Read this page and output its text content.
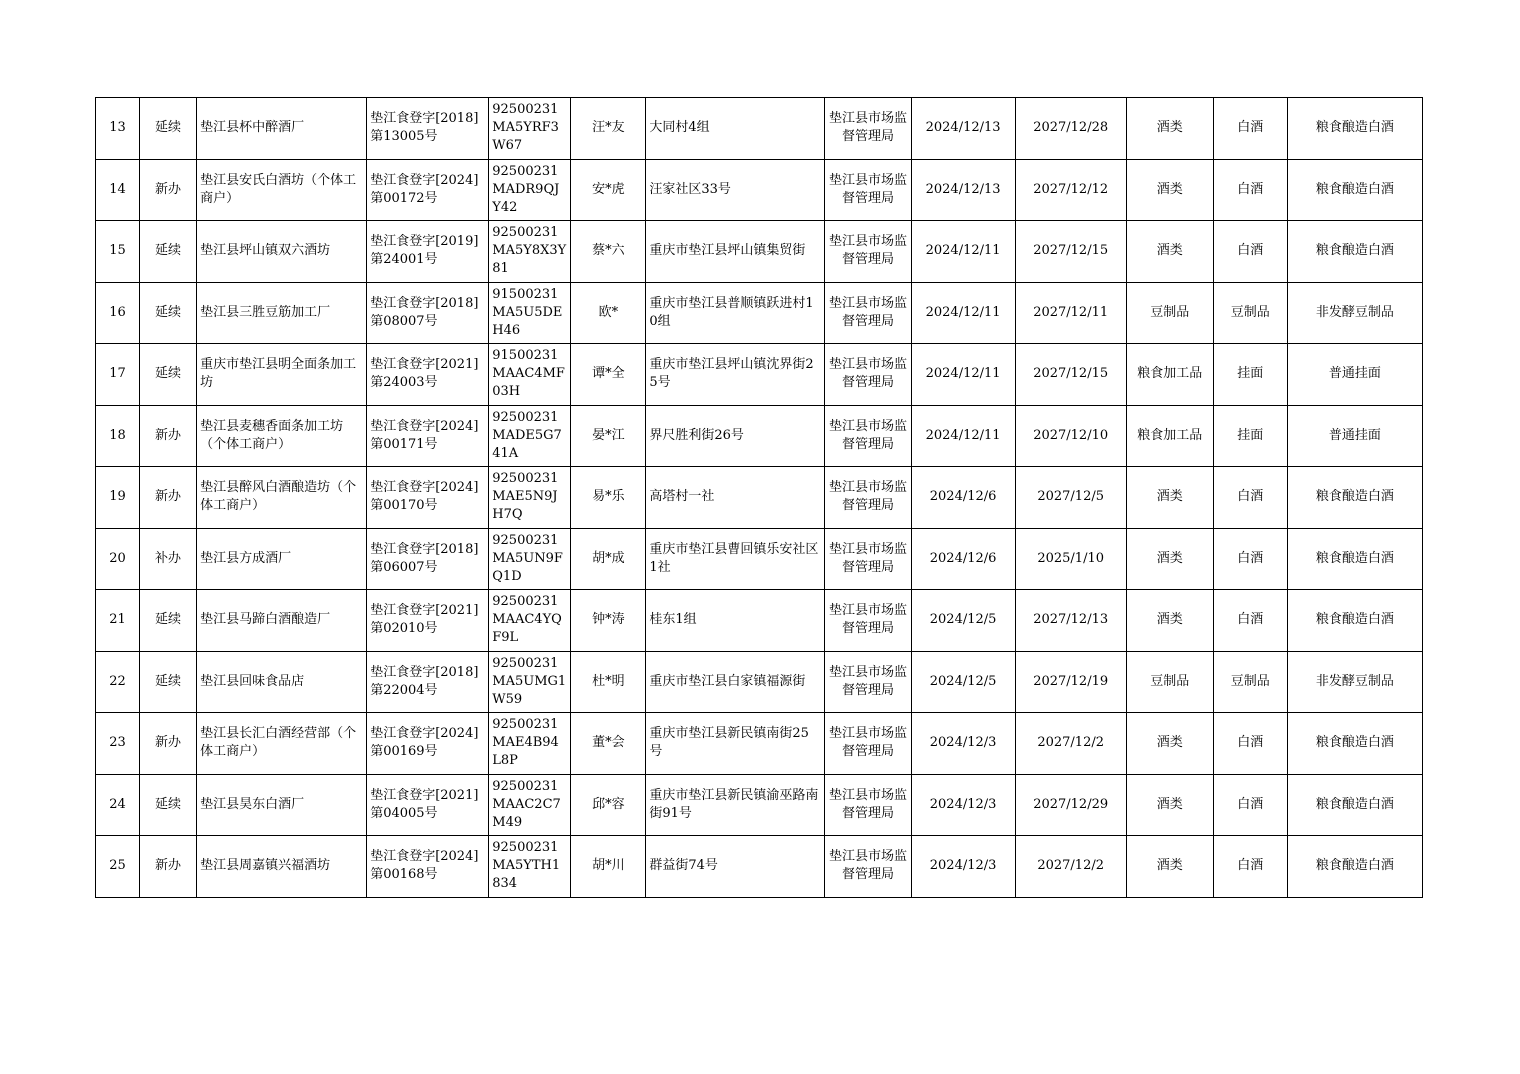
13	延续	垫江县杯中醉酒厂	垫江食登字[2018]第13005号	92500231MA5YRF3W67	汪*友	大同村4组	垫江县市场监督管理局	2024/12/13	2027/12/28	酒类	白酒	粮食酿造白酒
14	新办	垫江县安氏白酒坊（个体工商户）	垫江食登字[2024]第00172号	92500231MADR9QJY42	安*虎	汪家社区33号	垫江县市场监督管理局	2024/12/13	2027/12/12	酒类	白酒	粮食酿造白酒
15	延续	垫江县坪山镇双六酒坊	垫江食登字[2019]第24001号	92500231MA5Y8X3Y81	蔡*六	重庆市垫江县坪山镇集贸街	垫江县市场监督管理局	2024/12/11	2027/12/15	酒类	白酒	粮食酿造白酒
16	延续	垫江县三胜豆筋加工厂	垫江食登字[2018]第08007号	91500231MA5U5DEH46	欧*	重庆市垫江县普顺镇跃进村10组	垫江县市场监督管理局	2024/12/11	2027/12/11	豆制品	豆制品	非发酵豆制品
17	延续	重庆市垫江县明全面条加工坊	垫江食登字[2021]第24003号	91500231MAAC4MF03H	谭*全	重庆市垫江县坪山镇沈界街25号	垫江县市场监督管理局	2024/12/11	2027/12/15	粮食加工品	挂面	普通挂面
18	新办	垫江县麦穗香面条加工坊（个体工商户）	垫江食登字[2024]第00171号	92500231MADE5G741A	晏*江	界尺胜利街26号	垫江县市场监督管理局	2024/12/11	2027/12/10	粮食加工品	挂面	普通挂面
19	新办	垫江县醉风白酒酿造坊（个体工商户）	垫江食登字[2024]第00170号	92500231MAE5N9JH7Q	易*乐	高塔村一社	垫江县市场监督管理局	2024/12/6	2027/12/5	酒类	白酒	粮食酿造白酒
20	补办	垫江县方成酒厂	垫江食登字[2018]第06007号	92500231MA5UN9FQ1D	胡*成	重庆市垫江县曹回镇乐安社区1社	垫江县市场监督管理局	2024/12/6	2025/1/10	酒类	白酒	粮食酿造白酒
21	延续	垫江县马蹄白酒酿造厂	垫江食登字[2021]第02010号	92500231MAAC4YQF9L	钟*涛	桂东1组	垫江县市场监督管理局	2024/12/5	2027/12/13	酒类	白酒	粮食酿造白酒
22	延续	垫江县回味食品店	垫江食登字[2018]第22004号	92500231MA5UMG1W59	杜*明	重庆市垫江县白家镇福源街	垫江县市场监督管理局	2024/12/5	2027/12/19	豆制品	豆制品	非发酵豆制品
23	新办	垫江县长汇白酒经营部（个体工商户）	垫江食登字[2024]第00169号	92500231MAE4B94L8P	董*会	重庆市垫江县新民镇南街25号	垫江县市场监督管理局	2024/12/3	2027/12/2	酒类	白酒	粮食酿造白酒
24	延续	垫江县昊东白酒厂	垫江食登字[2021]第04005号	92500231MAAC2C7M49	邱*容	重庆市垫江县新民镇渝巫路南街91号	垫江县市场监督管理局	2024/12/3	2027/12/29	酒类	白酒	粮食酿造白酒
25	新办	垫江县周嘉镇兴福酒坊	垫江食登字[2024]第00168号	92500231MA5YTH1834	胡*川	群益街74号	垫江县市场监督管理局	2024/12/3	2027/12/2	酒类	白酒	粮食酿造白酒
